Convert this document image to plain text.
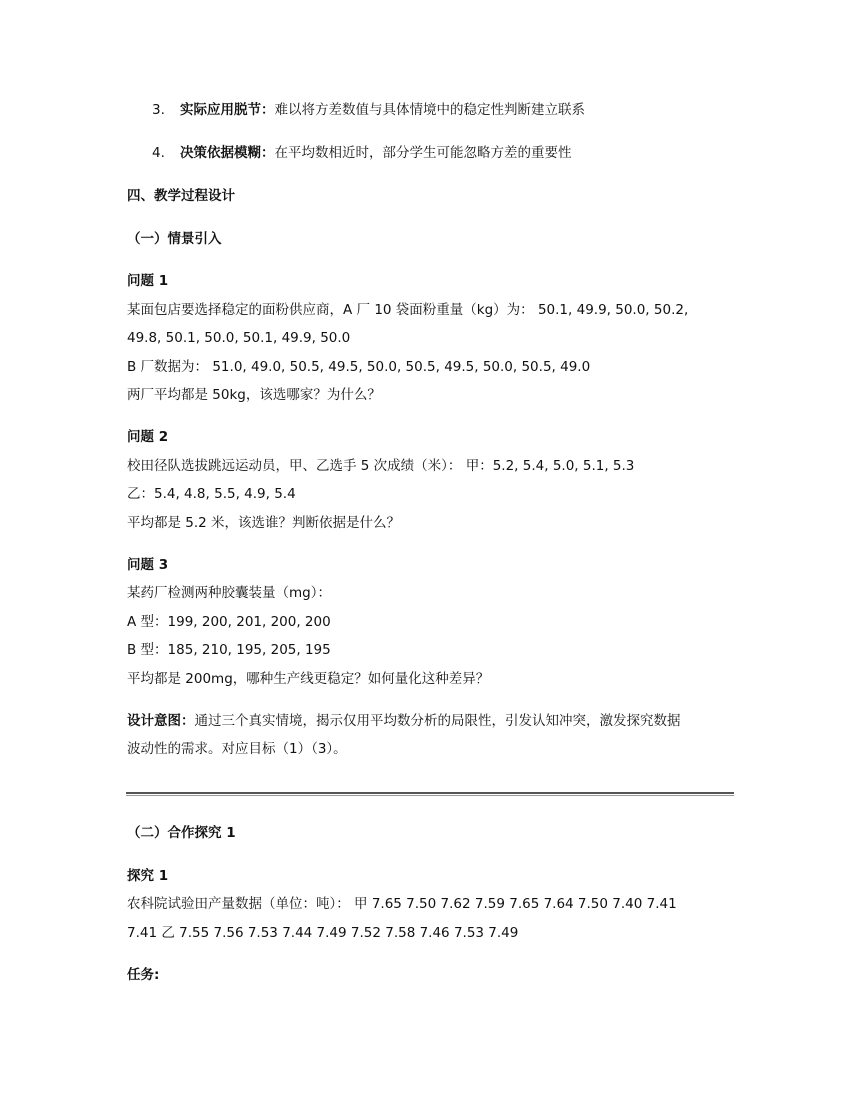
3. 实际应用脱节：难以将方差数值与具体情境中的稳定性判断建立联系
4. 决策依据模糊：在平均数相近时，部分学生可能忽略方差的重要性
四、教学过程设计
（一）情景引入
问题 1
某面包店要选择稳定的面粉供应商，A 厂 10 袋面粉重量（kg）为： 50.1, 49.9, 50.0, 50.2,
49.8, 50.1, 50.0, 50.1, 49.9, 50.0
B 厂数据为： 51.0, 49.0, 50.5, 49.5, 50.0, 50.5, 49.5, 50.0, 50.5, 49.0
两厂平均都是 50kg，该选哪家？为什么？
问题 2
校田径队选拔跳远运动员，甲、乙选手 5 次成绩（米）： 甲：5.2, 5.4, 5.0, 5.1, 5.3
乙：5.4, 4.8, 5.5, 4.9, 5.4
平均都是 5.2 米，该选谁？判断依据是什么？
问题 3
某药厂检测两种胶囊装量（mg）：
A 型：199, 200, 201, 200, 200
B 型：185, 210, 195, 205, 195
平均都是 200mg，哪种生产线更稳定？如何量化这种差异？
设计意图：通过三个真实情境，揭示仅用平均数分析的局限性，引发认知冲突，激发探究数据
波动性的需求。对应目标（1）（3）。
（二）合作探究 1
探究 1
农科院试验田产量数据（单位：吨）： 甲 7.65 7.50 7.62 7.59 7.65 7.64 7.50 7.40 7.41
7.41 乙 7.55 7.56 7.53 7.44 7.49 7.52 7.58 7.46 7.53 7.49
任务:
